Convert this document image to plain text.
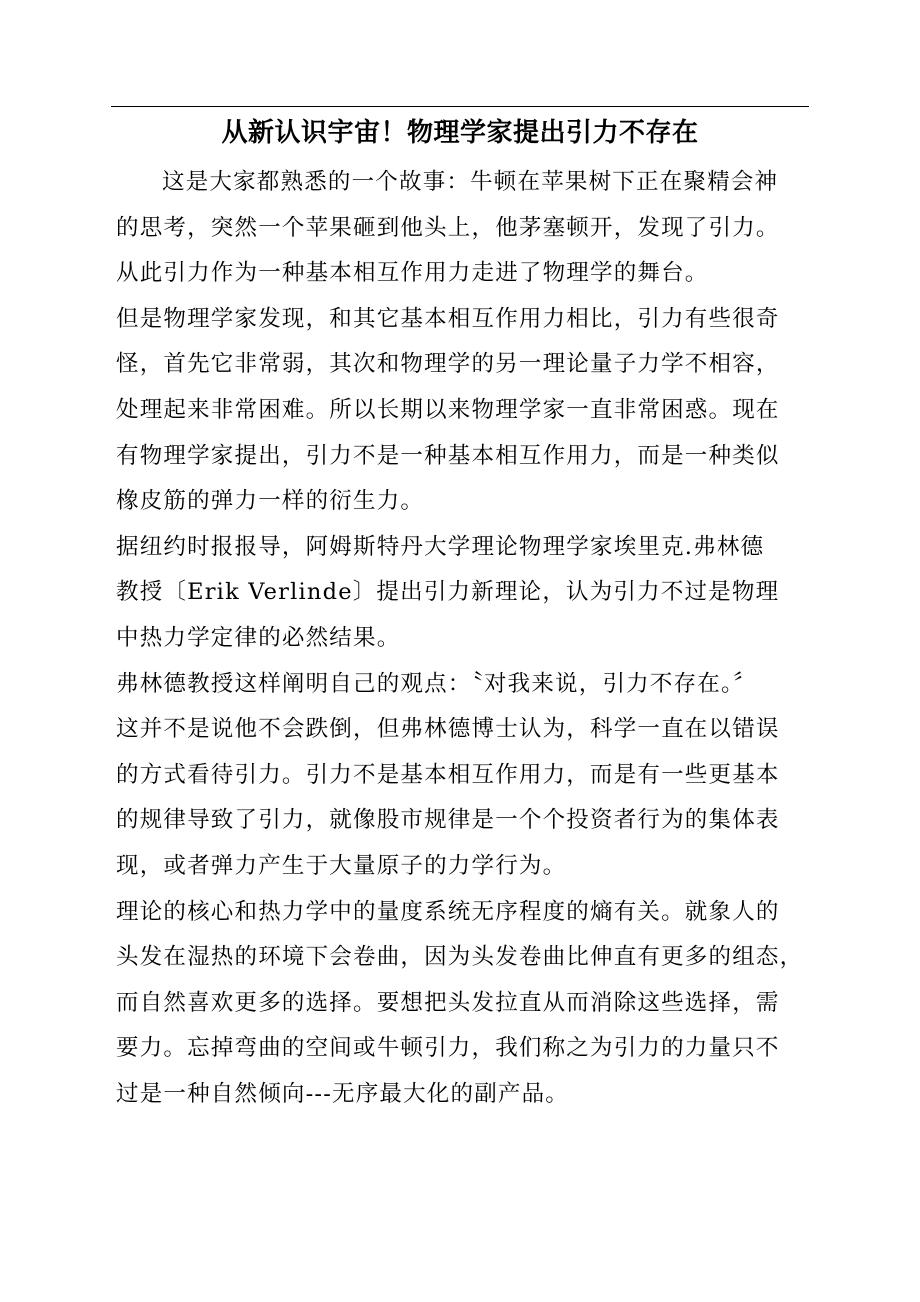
从新认识宇宙！物理学家提出引力不存在
这是大家都熟悉的一个故事：牛顿在苹果树下正在聚精会神
的思考，突然一个苹果砸到他头上，他茅塞顿开，发现了引力。
从此引力作为一种基本相互作用力走进了物理学的舞台。
但是物理学家发现，和其它基本相互作用力相比，引力有些很奇
怪，首先它非常弱，其次和物理学的另一理论量子力学不相容，
处理起来非常困难。所以长期以来物理学家一直非常困惑。现在
有物理学家提出，引力不是一种基本相互作用力，而是一种类似
橡皮筋的弹力一样的衍生力。
据纽约时报报导，阿姆斯特丹大学理论物理学家埃里克.弗林德
教授〔Erik Verlinde〕提出引力新理论，认为引力不过是物理
中热力学定律的必然结果。
弗林德教授这样阐明自己的观点：〝对我来说，引力不存在。〞
这并不是说他不会跌倒，但弗林德博士认为，科学一直在以错误
的方式看待引力。引力不是基本相互作用力，而是有一些更基本
的规律导致了引力，就像股市规律是一个个投资者行为的集体表
现，或者弹力产生于大量原子的力学行为。
理论的核心和热力学中的量度系统无序程度的熵有关。就象人的
头发在湿热的环境下会卷曲，因为头发卷曲比伸直有更多的组态，
而自然喜欢更多的选择。要想把头发拉直从而消除这些选择，需
要力。忘掉弯曲的空间或牛顿引力，我们称之为引力的力量只不
过是一种自然倾向---无序最大化的副产品。
